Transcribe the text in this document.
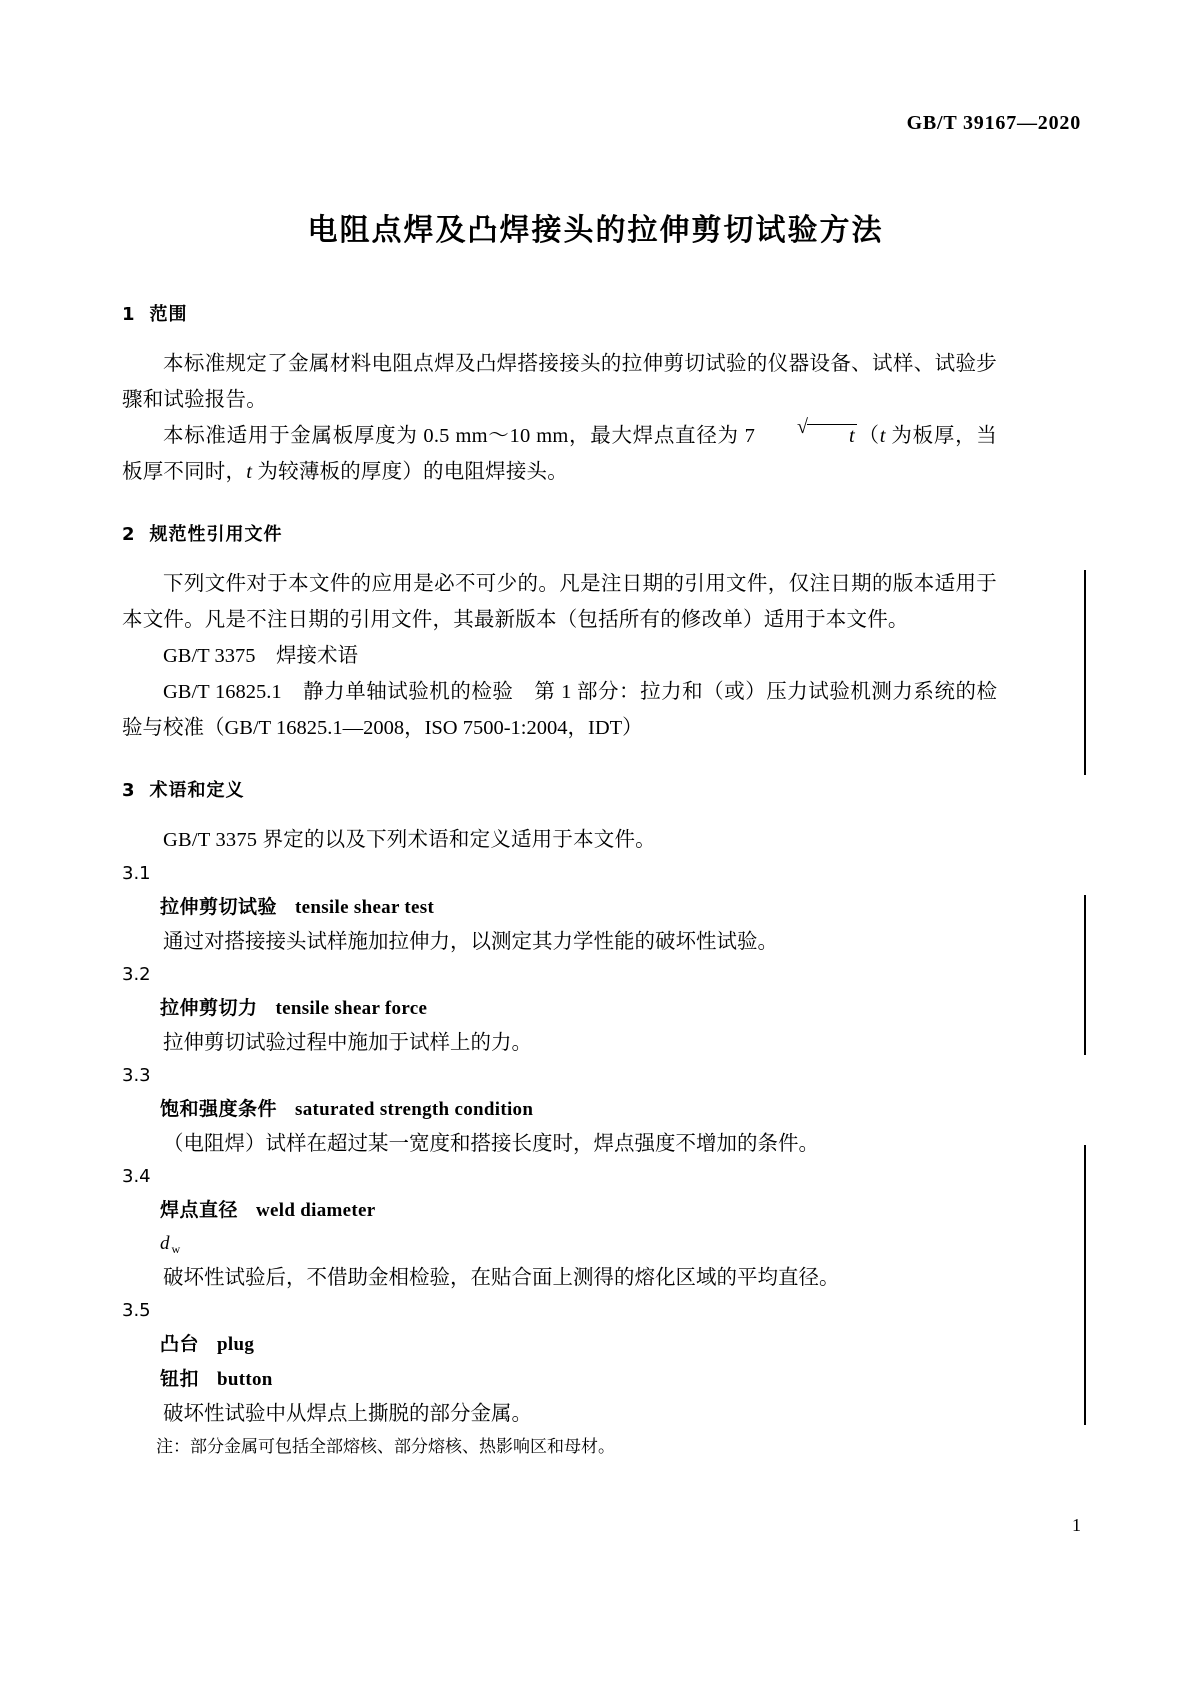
GB/T 39167—2020
电阻点焊及凸焊接头的拉伸剪切试验方法

1 范围

本标准规定了金属材料电阻点焊及凸焊搭接接头的拉伸剪切试验的仪器设备、试样、试验步骤和试验报告。

本标准适用于金属板厚度为 0.5 mm～10 mm，最大焊点直径为 7	√ t （t 为板厚，当板厚不同时，t 为较薄板的厚度）的电阻焊接头。

2 规范性引用文件

下列文件对于本文件的应用是必不可少的。凡是注日期的引用文件，仅注日期的版本适用于本文件。凡是不注日期的引用文件，其最新版本（包括所有的修改单）适用于本文件。

GB/T 3375　焊接术语

GB/T 16825.1　静力单轴试验机的检验　第 1 部分：拉力和（或）压力试验机测力系统的检验与校准（GB/T 16825.1—2008，ISO 7500-1:2004，IDT）

3 术语和定义

GB/T 3375 界定的以及下列术语和定义适用于本文件。

3.1

拉伸剪切试验 tensile shear test

通过对搭接接头试样施加拉伸力，以测定其力学性能的破坏性试验。

3.2

拉伸剪切力 tensile shear force

拉伸剪切试验过程中施加于试样上的力。

3.3

饱和强度条件 saturated strength condition

（电阻焊）试样在超过某一宽度和搭接长度时，焊点强度不增加的条件。

3.4

焊点直径 weld diameter

d $_w$

破坏性试验后，不借助金相检验，在贴合面上测得的熔化区域的平均直径。

3.5

凸台 plug

钮扣 button

破坏性试验中从焊点上撕脱的部分金属。

注：部分金属可包括全部熔核、部分熔核、热影响区和母材。

1
